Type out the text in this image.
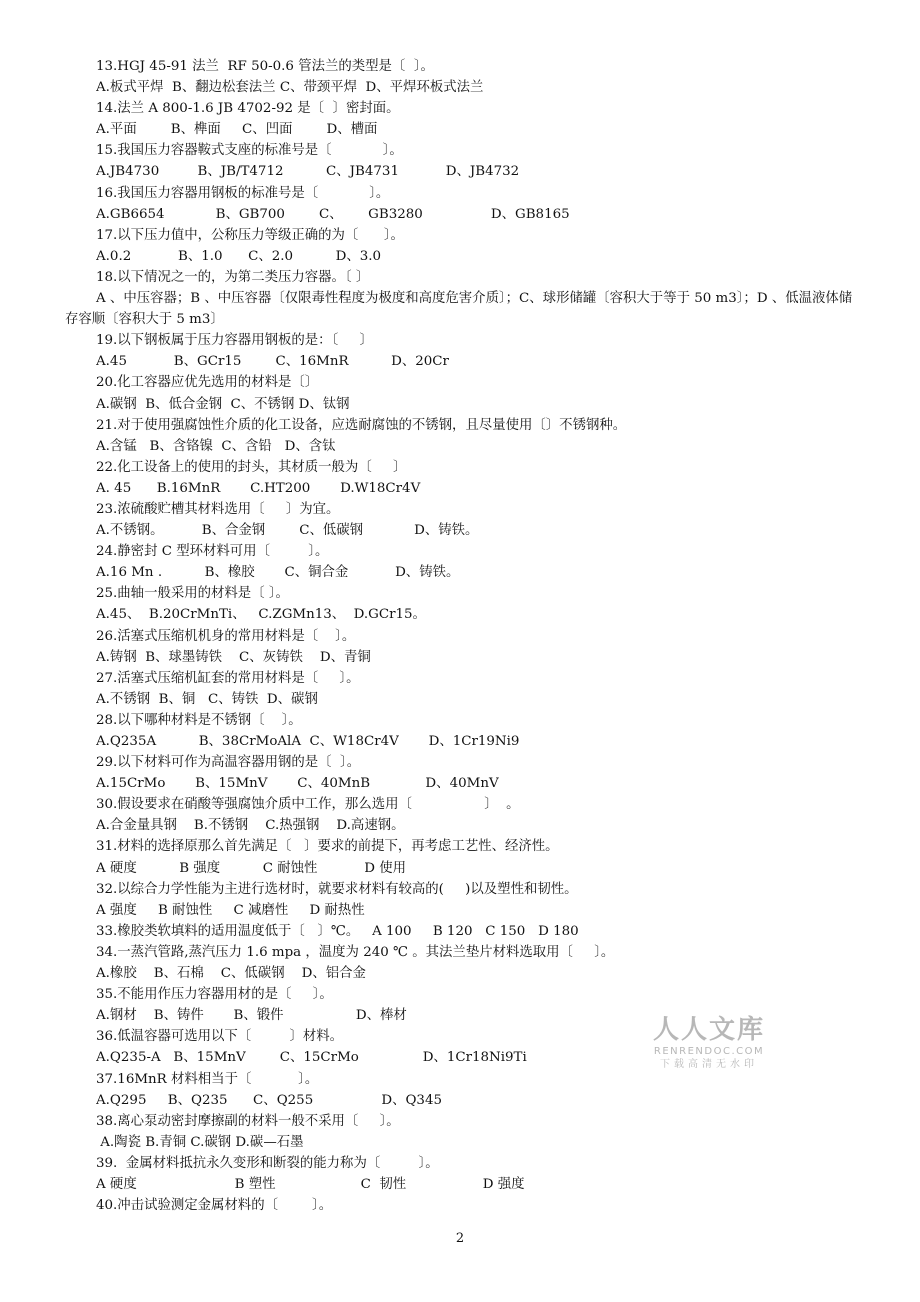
13.HGJ 45-91 法兰  RF 50-0.6 管法兰的类型是〔  〕。
A.板式平焊  B、翻边松套法兰 C、带颈平焊  D、平焊环板式法兰
14.法兰 A 800-1.6 JB 4702-92 是〔  〕密封面。
A.平面        B、榫面     C、凹面        D、槽面
15.我国压力容器鞍式支座的标准号是〔            〕。
A.JB4730         B、JB/T4712          C、JB4731           D、JB4732
16.我国压力容器用钢板的标准号是〔            〕。
A.GB6654            B、GB700        C、      GB3280                D、GB8165
17.以下压力值中，公称压力等级正确的为〔      〕。
A.0.2           B、1.0      C、2.0          D、3.0
18.以下情况之一的，为第二类压力容器。〔 〕
A 、中压容器；B 、中压容器〔仅限毒性程度为极度和高度危害介质〕；C、球形储罐〔容积大于等于 50 m3〕；D 、低温液体储存容顺〔容积大于 5 m3〕
19.以下钢板属于压力容器用钢板的是：〔     〕
A.45           B、GCr15        C、16MnR          D、20Cr
20.化工容器应优先选用的材料是〔〕
A.碳钢  B、低合金钢  C、不锈钢 D、钛钢
21.对于使用强腐蚀性介质的化工设备，应选耐腐蚀的不锈钢，且尽量使用〔〕不锈钢种。
A.含锰   B、含铬镍  C、含铅   D、含钛
22.化工设备上的使用的封头，其材质一般为〔     〕
A. 45      B.16MnR       C.HT200       D.W18Cr4V
23.浓硫酸贮槽其材料选用〔     〕为宜。
A.不锈钢。         B、合金钢        C、低碳钢            D、铸铁。
24.静密封 C 型环材料可用〔         〕。
A.16 Mn .          B、橡胶       C、铜合金           D、铸铁。
25.曲轴一般采用的材料是〔 〕。
A.45、  B.20CrMnTi、   C.ZGMn13、  D.GCr15。
26.活塞式压缩机机身的常用材料是〔    〕。
A.铸钢  B、球墨铸铁    C、灰铸铁    D、青铜
27.活塞式压缩机缸套的常用材料是〔     〕。
A.不锈钢  B、铜   C、铸铁  D、碳钢
28.以下哪种材料是不锈钢〔    〕。
A.Q235A          B、38CrMoAlA  C、W18Cr4V       D、1Cr19Ni9
29.以下材料可作为高温容器用钢的是〔  〕。
A.15CrMo       B、15MnV       C、40MnB             D、40MnV
30.假设要求在硝酸等强腐蚀介质中工作，那么选用〔                 〕  。
A.合金量具钢    B.不锈钢    C.热强钢    D.高速钢。
31.材料的选择原那么首先满足〔   〕要求的前提下，再考虑工艺性、经济性。
A 硬度          B 强度          C 耐蚀性           D 使用
32.以综合力学性能为主进行选材时，就要求材料有较高的(     )以及塑性和韧性。
A 强度     B 耐蚀性     C 减磨性     D 耐热性
33.橡胶类软填料的适用温度低于〔   〕℃。   A 100     B 120   C 150   D 180
34.一蒸汽管路,蒸汽压力 1.6 mpa ，温度为 240 ℃ 。其法兰垫片材料选取用〔     〕。
A.橡胶    B、石棉    C、低碳钢    D、铝合金
35.不能用作压力容器用材的是〔     〕。
A.钢材    B、铸件       B、锻件                 D、棒材
36.低温容器可选用以下〔         〕材料。
A.Q235-A   B、15MnV        C、15CrMo               D、1Cr18Ni9Ti
37.16MnR 材料相当于〔           〕。
A.Q295     B、Q235      C、Q255                D、Q345
38.离心泵动密封摩擦副的材料一般不采用〔     〕。
A.陶瓷 B.青铜 C.碳钢 D.碳—石墨
39.  金属材料抵抗永久变形和断裂的能力称为〔         〕。
A 硬度                       B 塑性                    C  韧性                  D 强度
40.冲击试验测定金属材料的〔        〕。
人人文库
RENRENDOC.COM
下载高清无水印
2
